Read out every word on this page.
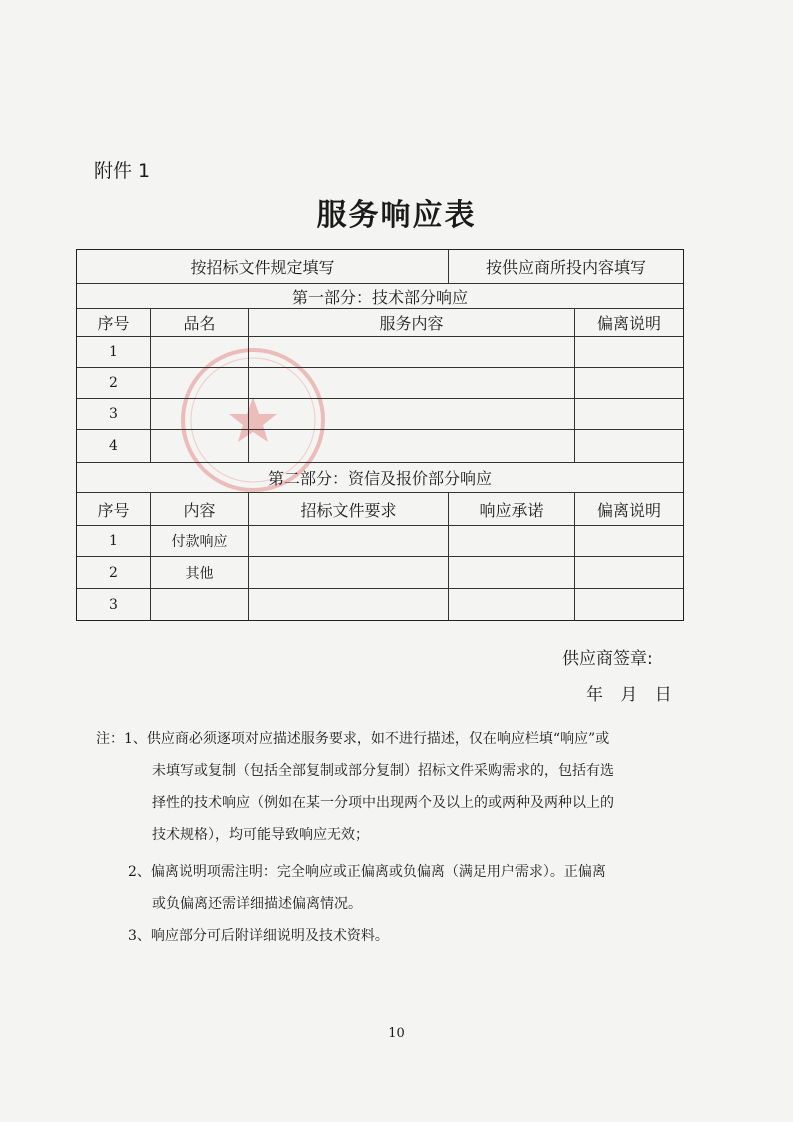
附件 1
服务响应表
按招标文件规定填写	按供应商所投内容填写
第一部分：技术部分响应
序号	品名	服务内容	偏离说明
1
2
3
4
第二部分：资信及报价部分响应
序号	内容	招标文件要求	响应承诺	偏离说明
1	付款响应
2	其他
3
供应商签章:
年 月 日
注：1、供应商必须逐项对应描述服务要求，如不进行描述，仅在响应栏填“响应”或
未填写或复制（包括全部复制或部分复制）招标文件采购需求的，包括有选
择性的技术响应（例如在某一分项中出现两个及以上的或两种及两种以上的
技术规格），均可能导致响应无效；
2、偏离说明项需注明：完全响应或正偏离或负偏离（满足用户需求）。正偏离
或负偏离还需详细描述偏离情况。
3、响应部分可后附详细说明及技术资料。
10
